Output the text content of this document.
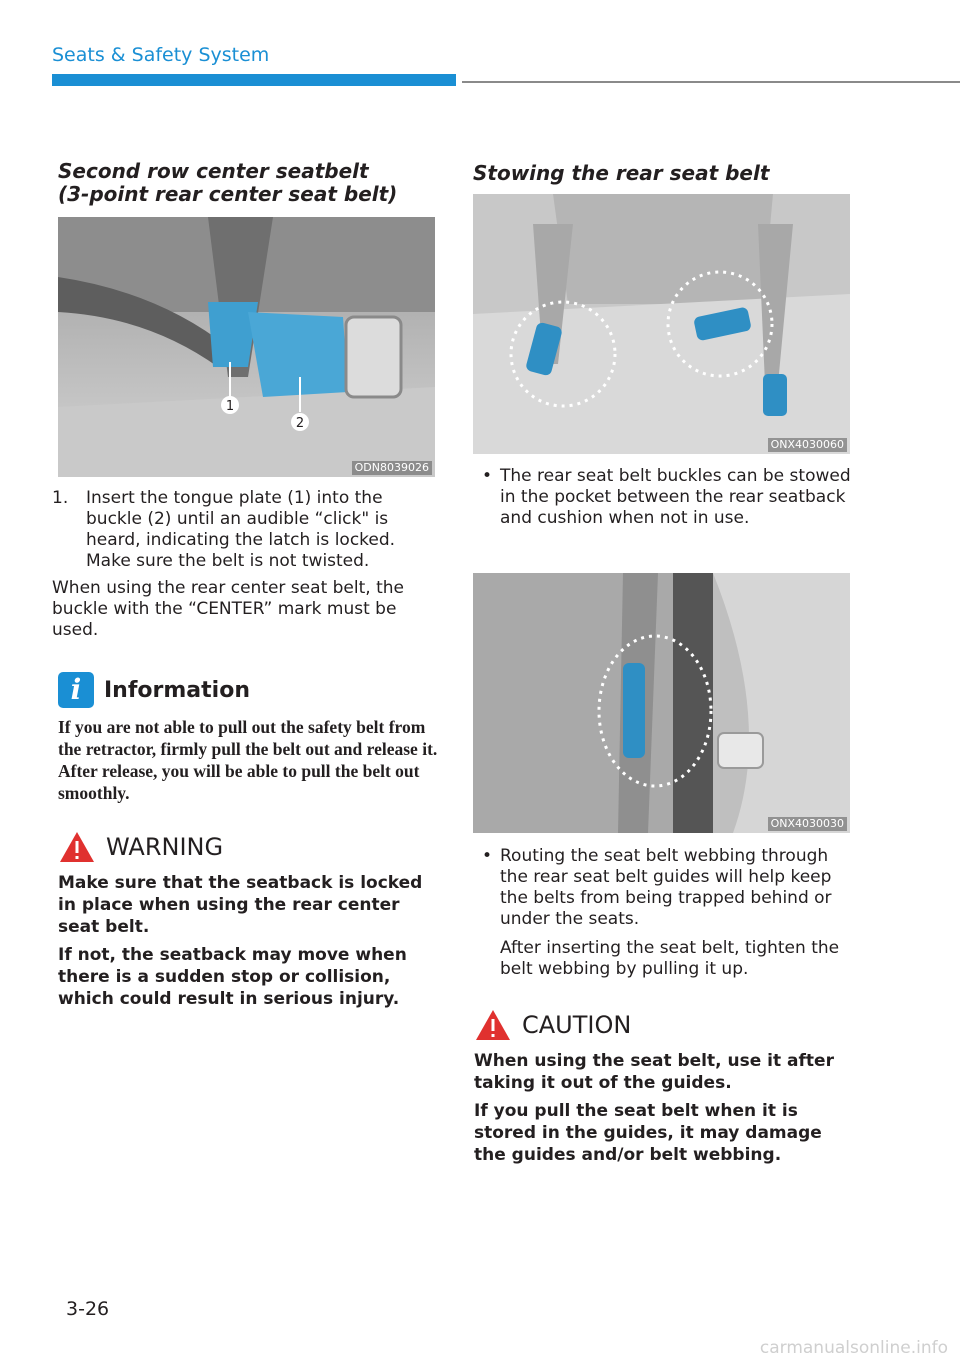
Seats & Safety System
Second row center seatbelt
(3-point rear center seat belt)
1
2
ODN8039026
1.	Insert the tongue plate (1) into the buckle (2) until an audible “click" is heard, indicating the latch is locked. Make sure the belt is not twisted.

When using the rear center seat belt, the buckle with the “CENTER” mark must be used.

i	Information

If you are not able to pull out the safety belt from the retractor, firmly pull the belt out and release it. After release, you will be able to pull the belt out smoothly.

WARNING

Make sure that the seatback is locked in place when using the rear center seat belt.

If not, the seatback may move when there is a sudden stop or collision, which could result in serious injury.

Stowing the rear seat belt
ONX4030060
• The rear seat belt buckles can be stowed in the pocket between the rear seatback and cushion when not in use.
ONX4030030
• Routing the seat belt webbing through the rear seat belt guides will help keep the belts from being trapped behind or under the seats.

After inserting the seat belt, tighten the belt webbing by pulling it up.

CAUTION

When using the seat belt, use it after taking it out of the guides.

If you pull the seat belt when it is stored in the guides, it may damage the guides and/or belt webbing.

3-26
carmanualsonline.info
